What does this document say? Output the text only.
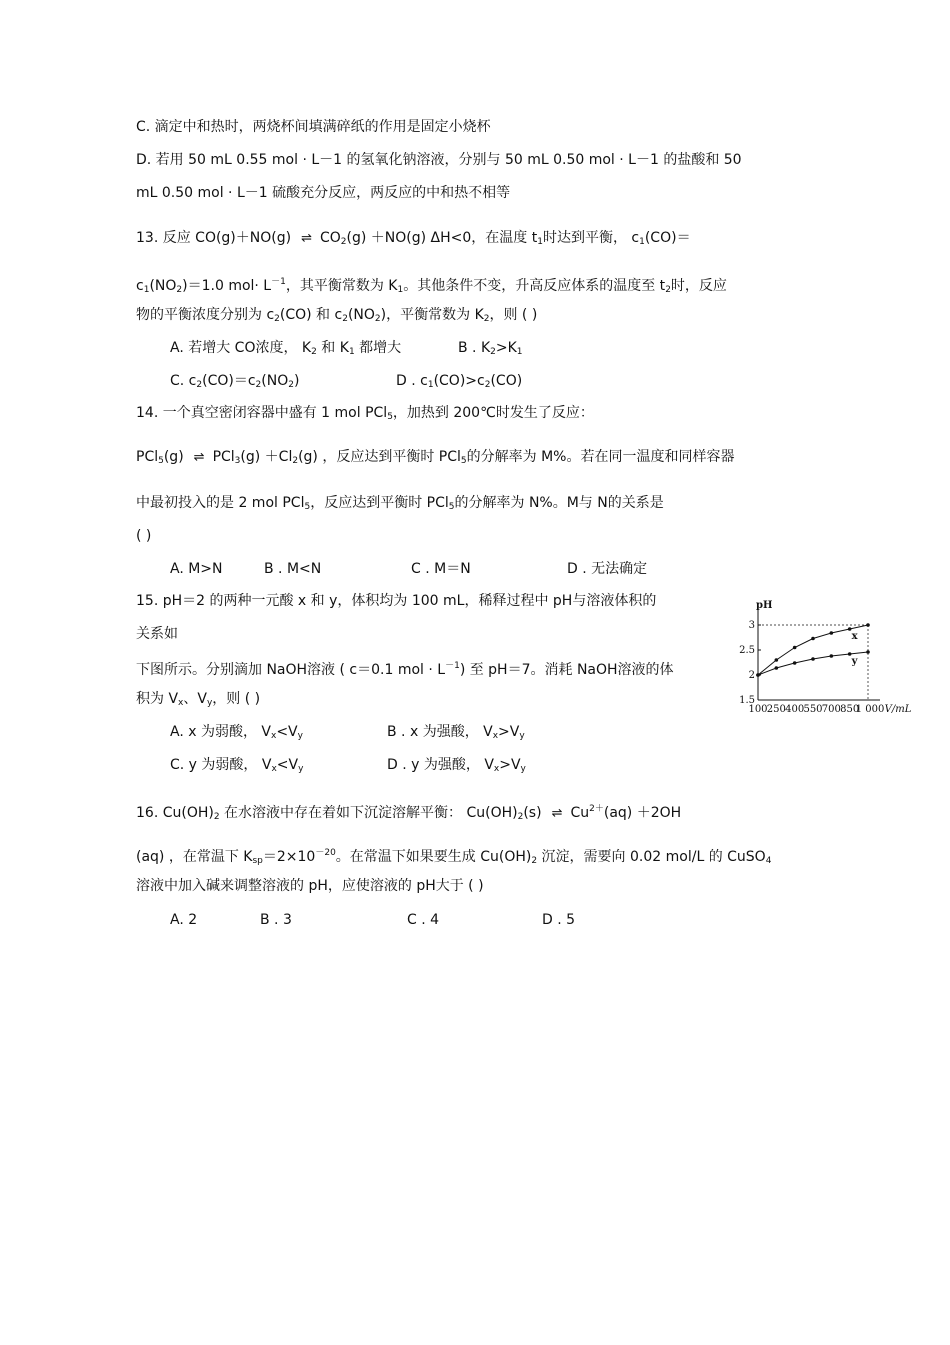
C. 滴定中和热时，两烧杯间填满碎纸的作用是固定小烧杯
D. 若用 50 mL 0.55 mol · L－1 的氢氧化钠溶液，分别与 50 mL 0.50 mol · L－1 的盐酸和 50
mL 0.50 mol · L－1 硫酸充分反应，两反应的中和热不相等
13. 反应 CO(g)＋NO(g) ⇌ $CO_2(g) +NO(g)$ ΔH<0，在温度 $t_1$时达到平衡， $c_1(CO)=$
$c_1(NO_2)=1.0$ $mol\cdot L^{-1}$，其平衡常数为 $K_1$。其他条件不变，升高反应体系的温度至 $t_2$时，反应
物的平衡浓度分别为 $c_2(CO)$ 和 $c_2(NO_2)$，平衡常数为 $K_2$，则 ( )
A. 若增大 CO浓度， $K_2$ 和 $K_1$ 都增大	B . $K_2>K_1$
C. $c_2(CO)=c_2(NO_2)$	D . $c_1(CO)>c_2(CO)$
14. 一个真空密闭容器中盛有 1 mol PCl$_5$，加热到 200℃时发生了反应：
PCl$_5$(g) ⇌ $PCl_3(g) +Cl_2(g)$ ，反应达到平衡时 PCl$_5$的分解率为 M%。若在同一温度和同样容器
中最初投入的是 2 mol PCl$_5$，反应达到平衡时 PCl$_5$的分解率为 N%。M与 N的关系是
( )
A. M>N	B . M<N	C . M＝N	D . 无法确定
15. pH＝2 的两种一元酸 x 和 y，体积均为 100 mL，稀释过程中 pH与溶液体积的
关系如
下图所示。分别滴加 NaOH溶液 ( c＝0.1 mol · $L^{-1}$) 至 pH＝7。消耗 NaOH溶液的体
积为 $V_x$、$V_y$，则 ( )
A. x 为弱酸， $V_x<V_y$	B . x 为强酸， $V_x>V_y$
C. y 为弱酸， $V_x<V_y$	D . y 为强酸， $V_x>V_y$
1.5
2
2.5
3
100 250 400 550 700 850
1 000 V/mL
pH
x
y
16. $Cu(OH)_2$ 在水溶液中存在着如下沉淀溶解平衡： $Cu(OH)_2(s)$ ⇌ $Cu^{2+}(aq) +2OH$
(aq) ，在常温下 $K_{sp}=2\times 10^{-20}$。在常温下如果要生成 $Cu(OH)_2$ 沉淀，需要向 0.02 mol/L 的 CuSO$_4$
溶液中加入碱来调整溶液的 pH，应使溶液的 pH大于 ( )
A. 2	B . 3	C . 4	D . 5
